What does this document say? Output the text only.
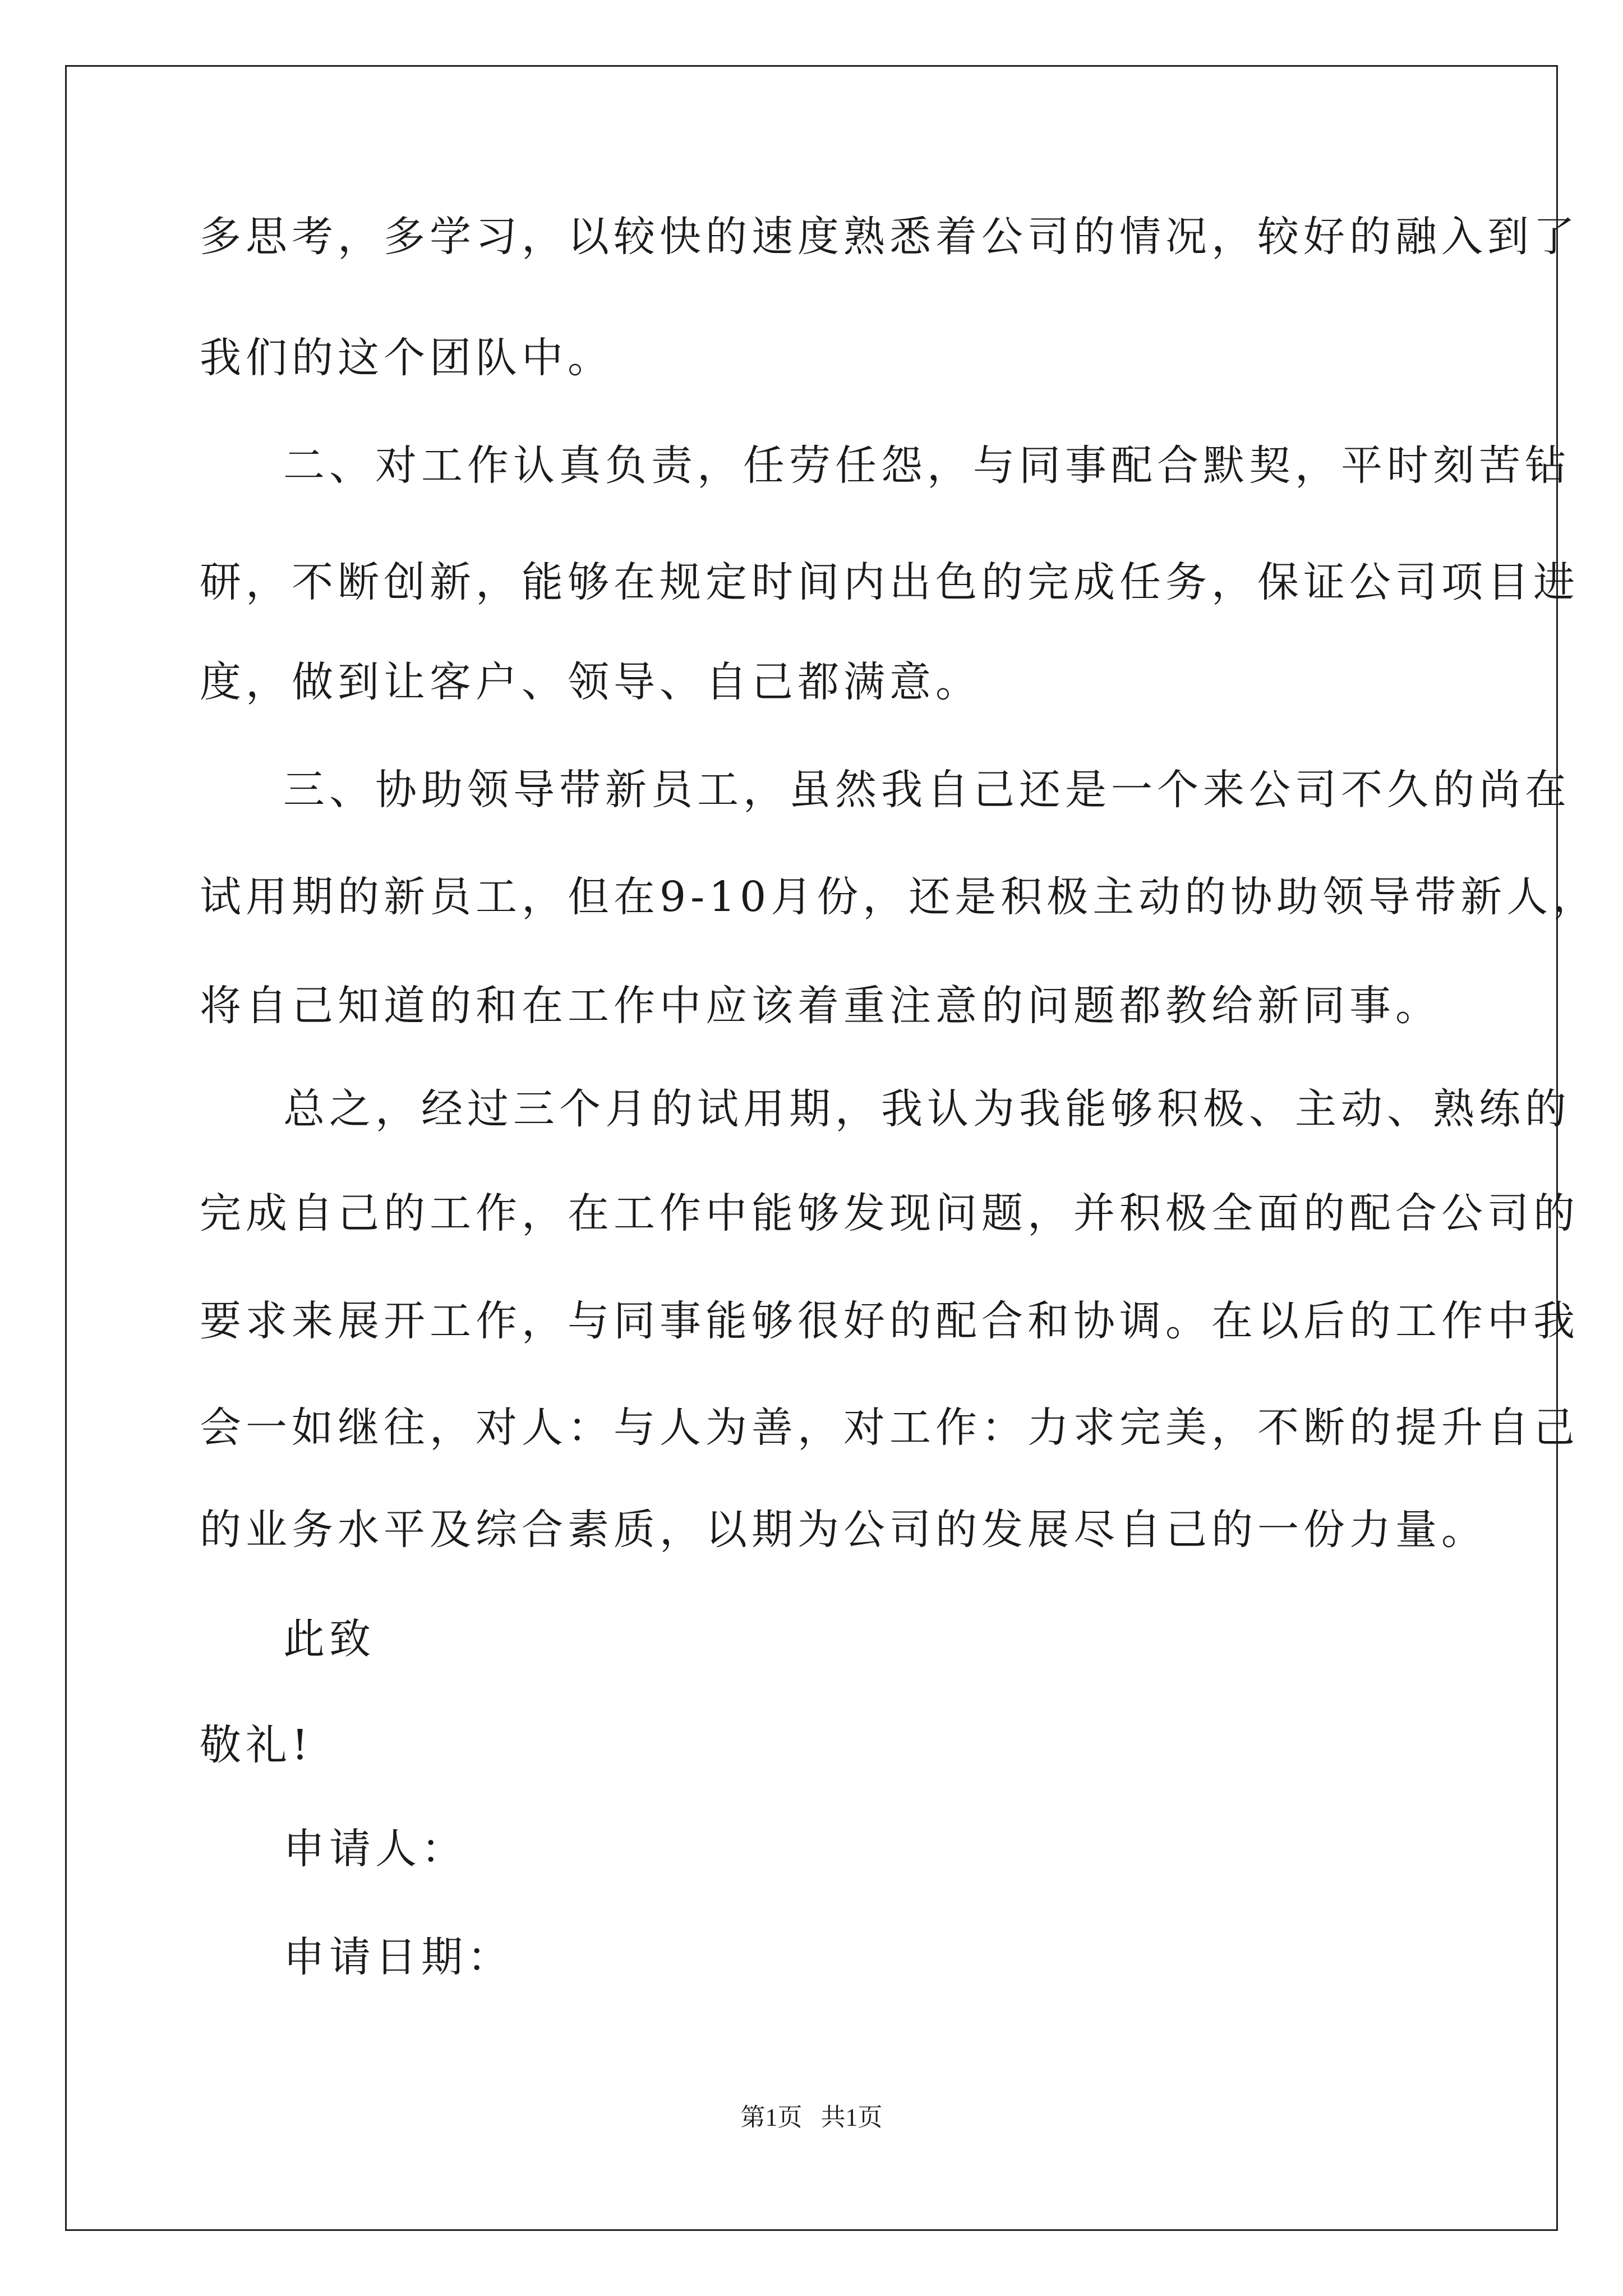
多思考，多学习，以较快的速度熟悉着公司的情况，较好的融入到了
我们的这个团队中。
二、对工作认真负责，任劳任怨，与同事配合默契，平时刻苦钻
研，不断创新，能够在规定时间内出色的完成任务，保证公司项目进
度，做到让客户、领导、自己都满意。
三、协助领导带新员工，虽然我自己还是一个来公司不久的尚在
试用期的新员工，但在9-10月份，还是积极主动的协助领导带新人，
将自己知道的和在工作中应该着重注意的问题都教给新同事。
总之，经过三个月的试用期，我认为我能够积极、主动、熟练的
完成自己的工作，在工作中能够发现问题，并积极全面的配合公司的
要求来展开工作，与同事能够很好的配合和协调。在以后的工作中我
会一如继往，对人：与人为善，对工作：力求完美，不断的提升自己
的业务水平及综合素质，以期为公司的发展尽自己的一份力量。
此致
敬礼!
申请人：
申请日期：
第1页   共1页
